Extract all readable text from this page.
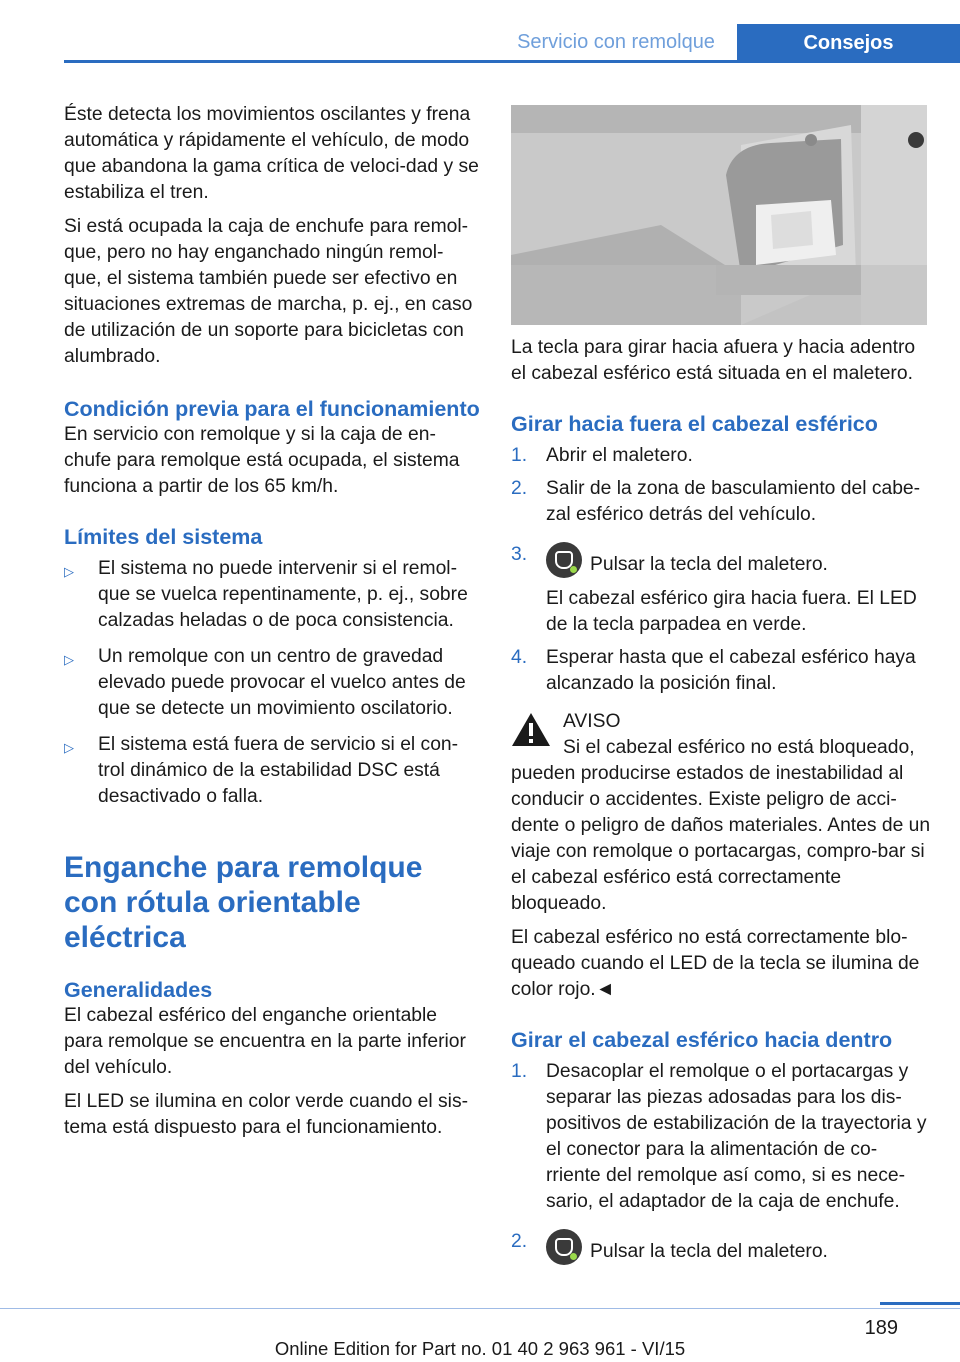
Servicio con remolque	Consejos

Éste detecta los movimientos oscilantes y frena automática y rápidamente el vehículo, de modo que abandona la gama crítica de veloci‐dad y se estabiliza el tren.

Si está ocupada la caja de enchufe para remol‐que, pero no hay enganchado ningún remol‐que, el sistema también puede ser efectivo en situaciones extremas de marcha, p. ej., en caso de utilización de un soporte para bicicletas con alumbrado.

Condición previa para el funcionamiento

En servicio con remolque y si la caja de en‐chufe para remolque está ocupada, el sistema funciona a partir de los 65 km/h.

Límites del sistema
▷ El sistema no puede intervenir si el remol‐que se vuelca repentinamente, p. ej., sobre calzadas heladas o de poca consistencia.
▷ Un remolque con un centro de gravedad elevado puede provocar el vuelco antes de que se detecte un movimiento oscilatorio.
▷ El sistema está fuera de servicio si el con‐trol dinámico de la estabilidad DSC está desactivado o falla.
Enganche para remolque con rótula orientable eléctrica
Generalidades

El cabezal esférico del enganche orientable para remolque se encuentra en la parte inferior del vehículo.

El LED se ilumina en color verde cuando el sis‐tema está dispuesto para el funcionamiento.

La tecla para girar hacia afuera y hacia adentro el cabezal esférico está situada en el maletero.

Girar hacia fuera el cabezal esférico
1. Abrir el maletero.
2. Salir de la zona de basculamiento del cabe‐zal esférico detrás del vehículo.
3.	Pulsar la tecla del maletero.
El cabezal esférico gira hacia fuera. El LED de la tecla parpadea en verde.
4. Esperar hasta que el cabezal esférico haya alcanzado la posición final.

AVISO

Si el cabezal esférico no está bloqueado, pueden producirse estados de inestabilidad al conducir o accidentes. Existe peligro de acci‐dente o peligro de daños materiales. Antes de un viaje con remolque o portacargas, compro‐bar si el cabezal esférico está correctamente bloqueado.

El cabezal esférico no está correctamente blo‐queado cuando el LED de la tecla se ilumina de color rojo.◄

Girar el cabezal esférico hacia dentro
1. Desacoplar el remolque o el portacargas y separar las piezas adosadas para los dis‐positivos de estabilización de la trayectoria y el conector para la alimentación de co‐rriente del remolque así como, si es nece‐sario, el adaptador de la caja de enchufe.
2.	Pulsar la tecla del maletero.
189
Online Edition for Part no. 01 40 2 963 961 - VI/15
